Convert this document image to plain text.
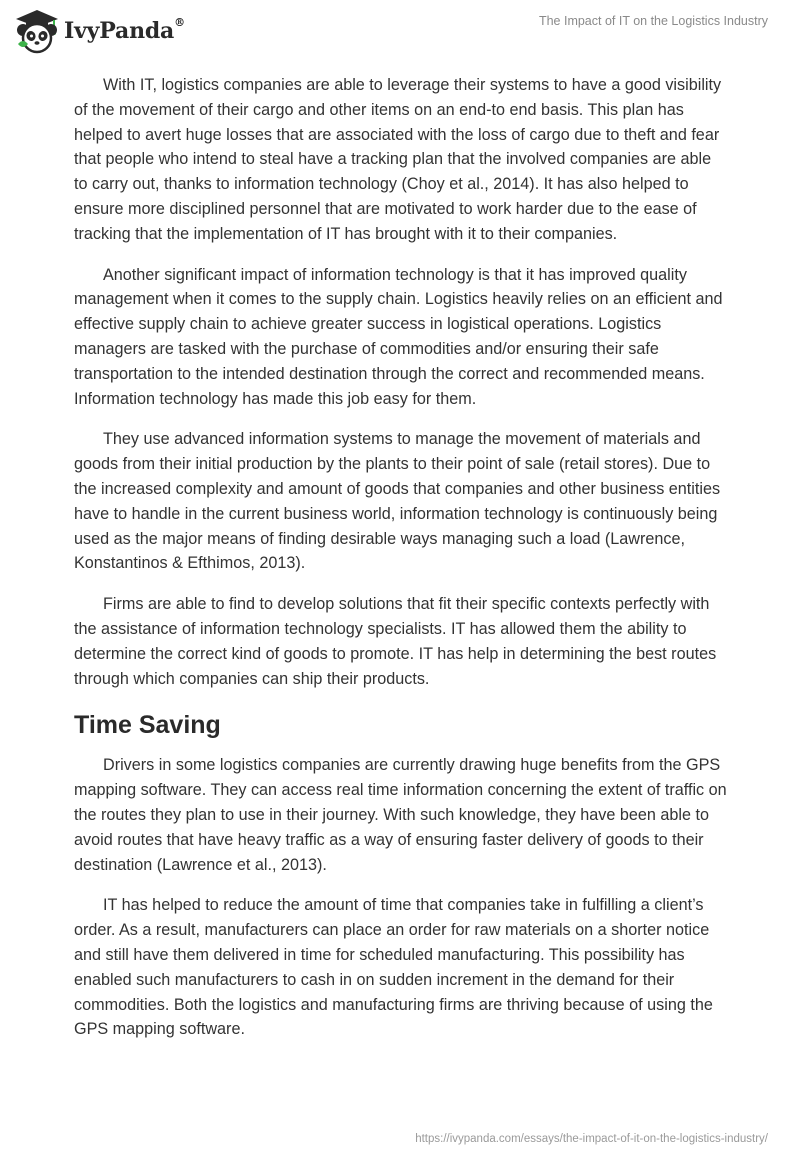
IvyPanda®	The Impact of IT on the Logistics Industry

With IT, logistics companies are able to leverage their systems to have a good visibility of the movement of their cargo and other items on an end-to end basis. This plan has helped to avert huge losses that are associated with the loss of cargo due to theft and fear that people who intend to steal have a tracking plan that the involved companies are able to carry out, thanks to information technology (Choy et al., 2014). It has also helped to ensure more disciplined personnel that are motivated to work harder due to the ease of tracking that the implementation of IT has brought with it to their companies.

Another significant impact of information technology is that it has improved quality management when it comes to the supply chain. Logistics heavily relies on an efficient and effective supply chain to achieve greater success in logistical operations. Logistics managers are tasked with the purchase of commodities and/or ensuring their safe transportation to the intended destination through the correct and recommended means. Information technology has made this job easy for them.

They use advanced information systems to manage the movement of materials and goods from their initial production by the plants to their point of sale (retail stores). Due to the increased complexity and amount of goods that companies and other business entities have to handle in the current business world, information technology is continuously being used as the major means of finding desirable ways managing such a load (Lawrence, Konstantinos & Efthimos, 2013).

Firms are able to find to develop solutions that fit their specific contexts perfectly with the assistance of information technology specialists. IT has allowed them the ability to determine the correct kind of goods to promote. IT has help in determining the best routes through which companies can ship their products.

Time Saving

Drivers in some logistics companies are currently drawing huge benefits from the GPS mapping software. They can access real time information concerning the extent of traffic on the routes they plan to use in their journey. With such knowledge, they have been able to avoid routes that have heavy traffic as a way of ensuring faster delivery of goods to their destination (Lawrence et al., 2013).

IT has helped to reduce the amount of time that companies take in fulfilling a client’s order. As a result, manufacturers can place an order for raw materials on a shorter notice and still have them delivered in time for scheduled manufacturing. This possibility has enabled such manufacturers to cash in on sudden increment in the demand for their commodities. Both the logistics and manufacturing firms are thriving because of using the GPS mapping software.

https://ivypanda.com/essays/the-impact-of-it-on-the-logistics-industry/
